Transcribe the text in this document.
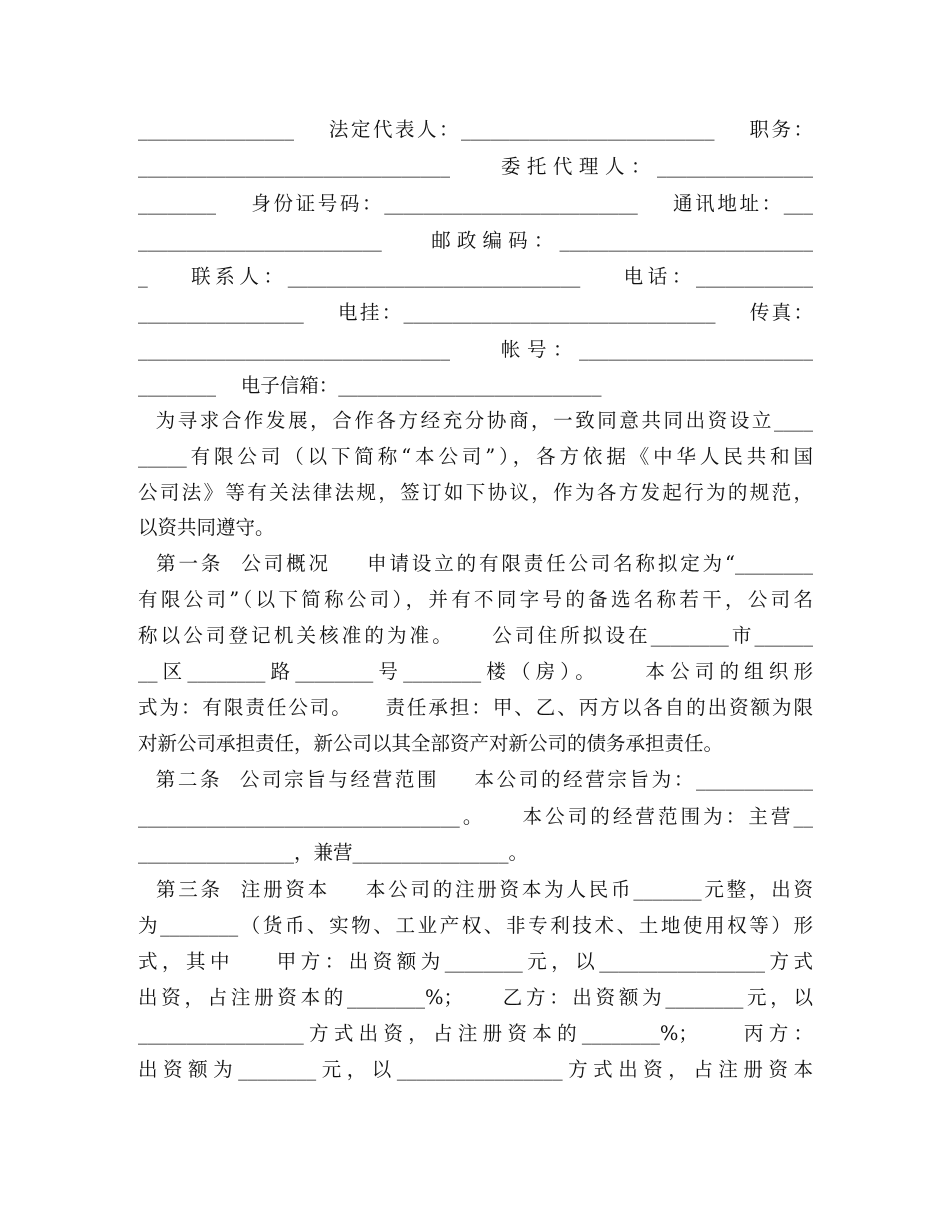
________________    法定代表人：__________________________    职务：
________________________________    委托代理人：________________
________    身份证号码：__________________________    通讯地址：___
_________________________    邮政编码：__________________________
_    联系人：______________________________    电话：____________
_________________    电挂：________________________________    传真：
________________________________    帐号：________________________
________    电子信箱：___________________________
为寻求合作发展，合作各方经充分协商，一致同意共同出资设立____
_____有限公司（以下简称“本公司”），各方依据《中华人民共和国
公司法》等有关法律法规，签订如下协议，作为各方发起行为的规范，
以资共同遵守。
第一条  公司概况    申请设立的有限责任公司名称拟定为“________
有限公司”（以下简称公司），并有不同字号的备选名称若干，公司名
称以公司登记机关核准的为准。    公司住所拟设在________市______
__区________路________号________楼（房）。    本公司的组织形
式为：有限责任公司。    责任承担：甲、乙、丙方以各自的出资额为限
对新公司承担责任，新公司以其全部资产对新公司的债务承担责任。
第二条  公司宗旨与经营范围    本公司的经营宗旨为：____________
_________________________________。    本公司的经营范围为：主营__
________________，兼营________________。
第三条  注册资本    本公司的注册资本为人民币_______元整，出资
为________（货币、实物、工业产权、非专利技术、土地使用权等）形
式，其中    甲方：出资额为________元，以_________________方式
出资，占注册资本的________%；    乙方：出资额为________元，以
_________________方式出资，占注册资本的________%；    丙方：
出资额为________元，以_________________方式出资，占注册资本
